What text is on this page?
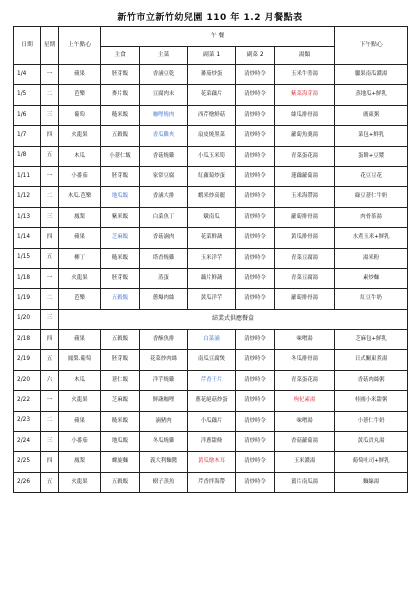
新竹市立新竹幼兒園 110 年 1.2 月餐點表
日期	星期	上午點心	午 餐					下午點心
			主食	主菜	副菜 1	副菜 2	湯類	
1/4	一	蘋果	胚芽飯	香滷豆乾	蕃茄炒蛋	清炒時令	玉米牛蒡湯	臘果南瓜濃湯
1/5	二	芭樂	麥片飯	豆腐肉末	花菜藕片	清炒時令	紫菜海芽湯	蒸地瓜+鮮乳
1/6	三	葡萄	糙米飯	咖哩燒肉	西芹燴鮮菇	清炒時令	絲瓜排骨湯	廣東粥
1/7	四	火龍果	五穀飯	香瓜雞夾	扇皮燒黑菜	清炒時令	蘿蔔魚羹湯	菜包+鮮乳
1/8	五	木瓜	小薏仁飯	香菇燒雞	小瓜玉米筍	清炒時令	青菜蛋花湯	蛋餅+豆漿
1/11	一	小番茄	胚芽飯	家常豆腐	紅蘿蔔炒蛋	清炒時令	蓮藕蘿蔔湯	花豆豆花
1/12	二	木瓜.芭樂	地瓜飯	香滷大排	蝦米炒高麗	清炒時令	玉米海帶湯	綠豆薏仁牛奶
1/13	三	鳳梨	紫米飯	白菜魚丁	燉南瓜	清炒時令	蘿蔔排骨湯	肉骨茶湯
1/14	四	蘋果	芝麻飯	香菇滷肉	花菜鮮蔬	清炒時令	黃瓜排骨湯	水煮玉米+鮮乳
1/15	五	柳丁	糙米飯	塔香燒雞	玉米洋芋	清炒時令	青菜豆腐湯	湯米粉
1/18	一	火龍果	胚芽飯	蒸蛋	藕片鮮蔬	清炒時令	青菜豆腐湯	素炒麵
1/19	二	芭樂	五穀飯	蔥爆肉絲	黃瓜洋芋	清炒時令	蘿蔔排骨湯	紅豆牛奶
1/20	三	結業式供應餐盒						
2/18	四	蘋果	五穀飯	香酥魚排	白菜滷	清炒時令	味噌湯	芝麻包+鮮乳
2/19	五	鳳梨.葡萄	胚芽飯	花菜炒肉絲	南瓜豆腐煲	清炒時令	冬瓜排骨湯	日式關東煮湯
2/20	六	木瓜	薏仁飯	洋芋燒雞	芹香干片	清炒時令	青菜蛋花湯	香菇肉絲粥
2/22	一	火龍果	芝麻飯	鮮蔬咖哩	蔥花絕菇炒蛋	清炒時令	枸杞素湯	桂圓小米甜粥
2/23	二	蘋果	糙米飯	滷豬肉	小瓜藕片	清炒時令	味噌湯	小薏仁牛奶
2/24	三	小番茄	地瓜飯	冬瓜燒雞	洋蔥甜條	清炒時令	香菇蘿蔔湯	黃瓜貢丸湯
2/25	四	鳳梨	螺旋麵	義大利麵醬	黃瓜燴木耳	清炒時令	玉米濃湯	葡萄吐司+鮮乳
2/26	五	火龍果	五穀飯	樹子蒸魚	芹香拌海帶	清炒時令	薑片南瓜湯	麵線湯
